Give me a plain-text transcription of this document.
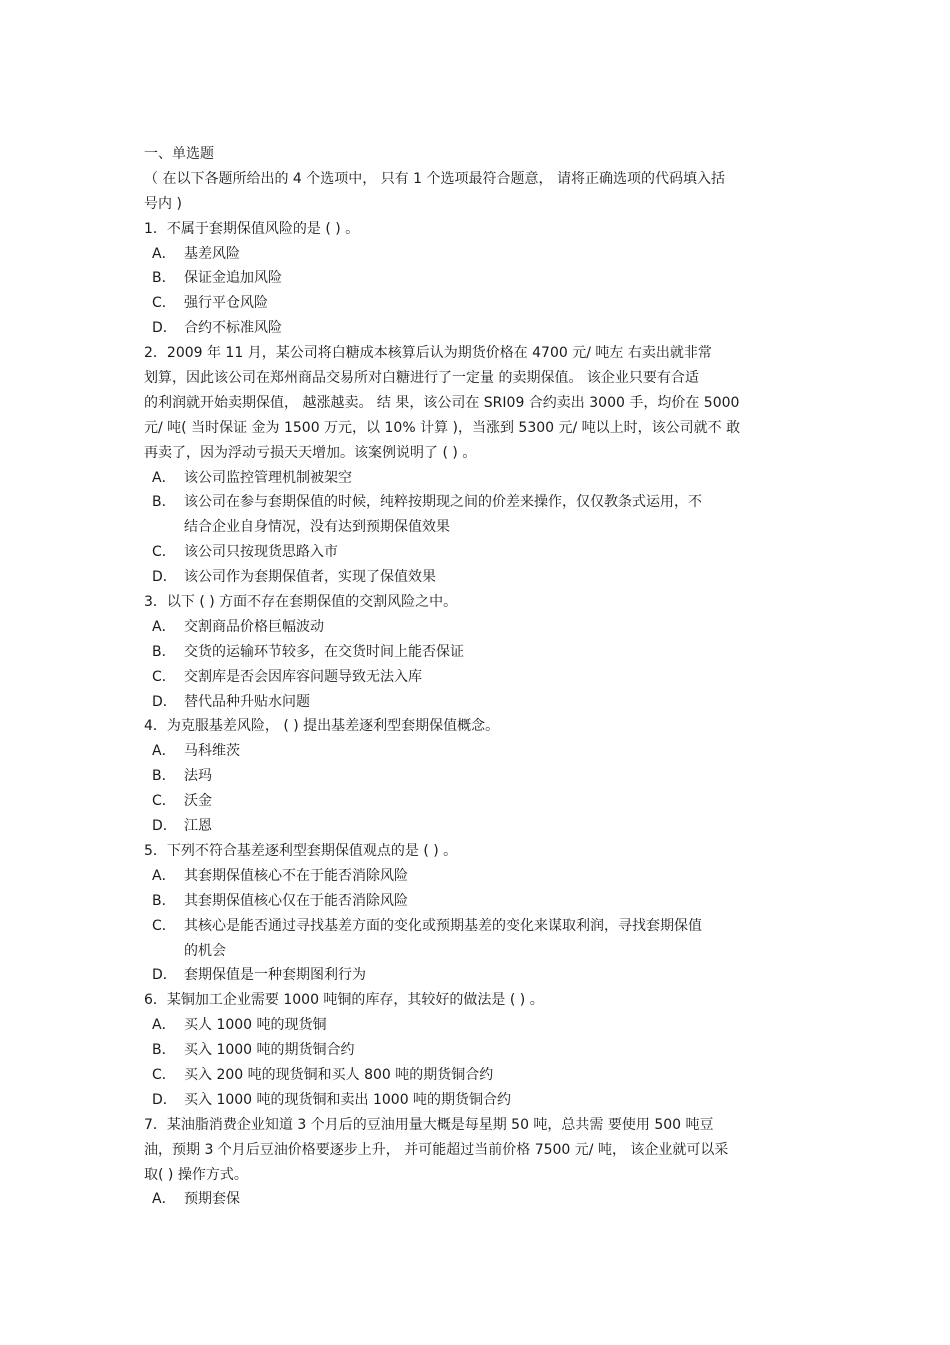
一、单选题
（ 在以下各题所给出的 4 个选项中， 只有 1 个选项最符合题意， 请将正确选项的代码填入括
号内 )
1．不属于套期保值风险的是 ( ) 。
A． 基差风险
B． 保证金追加风险
C． 强行平仓风险
D． 合约不标准风险
2．2009 年 11 月，某公司将白糖成本核算后认为期货价格在 4700 元/ 吨左 右卖出就非常
划算，因此该公司在郑州商品交易所对白糖进行了一定量 的卖期保值。 该企业只要有合适
的利润就开始卖期保值， 越涨越卖。 结 果，该公司在 SRI09 合约卖出 3000 手，均价在 5000
元/ 吨( 当时保证 金为 1500 万元，以 10% 计算 )，当涨到 5300 元/ 吨以上时，该公司就不 敢
再卖了，因为浮动亏损天天增加。该案例说明了 ( ) 。
A． 该公司监控管理机制被架空
B． 该公司在参与套期保值的时候，纯粹按期现之间的价差来操作，仅仅教条式运用，不
结合企业自身情况，没有达到预期保值效果
C． 该公司只按现货思路入市
D． 该公司作为套期保值者，实现了保值效果
3．以下 ( ) 方面不存在套期保值的交割风险之中。
A． 交割商品价格巨幅波动
B． 交货的运输环节较多，在交货时间上能否保证
C． 交割库是否会因库容问题导致无法入库
D． 替代品种升贴水问题
4．为克服基差风险， ( ) 提出基差逐利型套期保值概念。
A． 马科维茨
B． 法玛
C． 沃金
D． 江恩
5．下列不符合基差逐利型套期保值观点的是 ( ) 。
A． 其套期保值核心不在于能否消除风险
B． 其套期保值核心仅在于能否消除风险
C． 其核心是能否通过寻找基差方面的变化或预期基差的变化来谋取利润，寻找套期保值
的机会
D． 套期保值是一种套期图利行为
6．某铜加工企业需要 1000 吨铜的库存，其较好的做法是 ( ) 。
A． 买人 1000 吨的现货铜
B． 买入 1000 吨的期货铜合约
C． 买入 200 吨的现货铜和买人 800 吨的期货铜合约
D． 买入 1000 吨的现货铜和卖出 1000 吨的期货铜合约
7．某油脂消费企业知道 3 个月后的豆油用量大概是每星期 50 吨，总共需 要使用 500 吨豆
油，预期 3 个月后豆油价格要逐步上升， 并可能超过当前价格 7500 元/ 吨， 该企业就可以采
取( ) 操作方式。
A． 预期套保
